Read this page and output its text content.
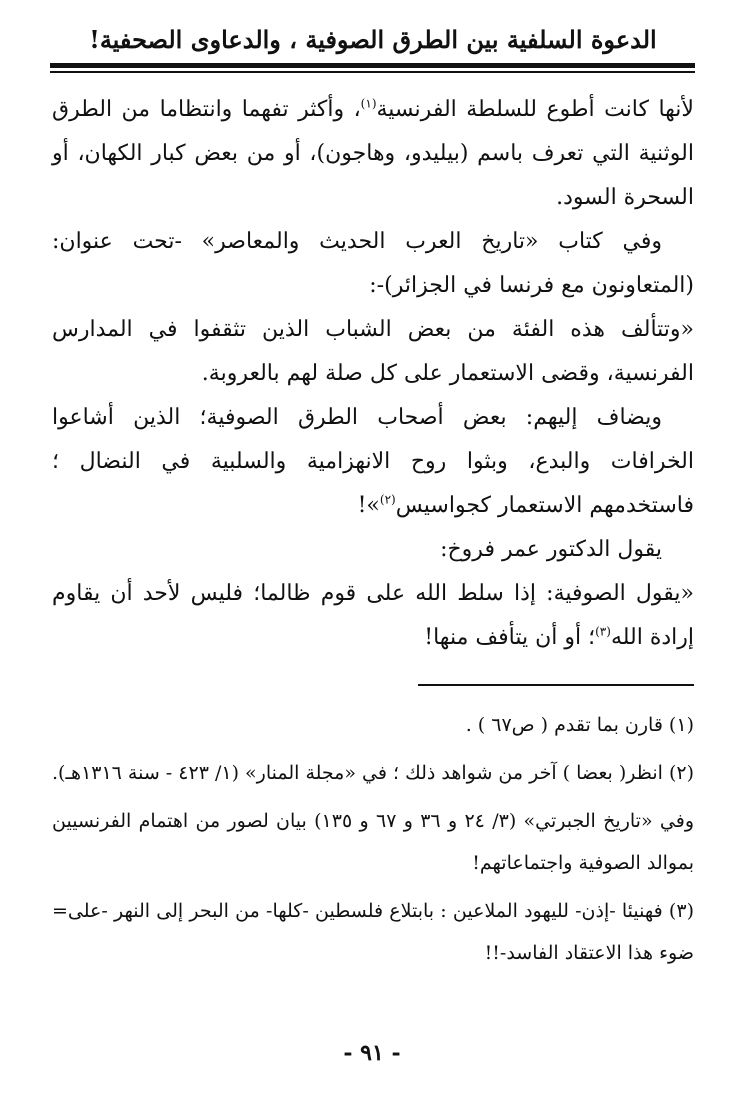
الدعوة السلفية بين الطرق الصوفية ، والدعاوى الصحفية!

لأنها كانت أطوع للسلطة الفرنسية$^{(١)}$، وأكثر تفهما وانتظاما من الطرق الوثنية التي تعرف باسم (بيليدو، وهاجون)، أو من بعض كبار الكهان، أو السحرة السود.

وفي كتاب «تاريخ العرب الحديث والمعاصر» -تحت عنوان: (المتعاونون مع فرنسا في الجزائر)-:

«وتتألف هذه الفئة من بعض الشباب الذين تثقفوا في المدارس الفرنسية، وقضى الاستعمار على كل صلة لهم بالعروبة.

ويضاف إليهم: بعض أصحاب الطرق الصوفية؛ الذين أشاعوا الخرافات والبدع، وبثوا روح الانهزامية والسلبية في النضال ؛ فاستخدمهم الاستعمار كجواسيس$^{(٢)}$»!

يقول الدكتور عمر فروخ:

«يقول الصوفية: إذا سلط الله على قوم ظالما؛ فليس لأحد أن يقاوم إرادة الله$^{(٣)}$؛ أو أن يتأفف منها!

(١) قارن بما تقدم ( ص٦٧ ) .

(٢) انظر( بعضا ) آخر من شواهد ذلك ؛ في «مجلة المنار» (١/ ٤٢٣ - سنة ١٣١٦هـ).

وفي «تاريخ الجبرتي» (٣/ ٢٤ و ٣٦ و ٦٧ و ١٣٥) بيان لصور من اهتمام الفرنسيين بموالد الصوفية واجتماعاتهم!

(٣) فهنيئا -إذن- لليهود الملاعين : بابتلاع فلسطين -كلها- من البحر إلى النهر -على ضوء هذا الاعتقاد الفاسد-!!
=

- ٩١ -
